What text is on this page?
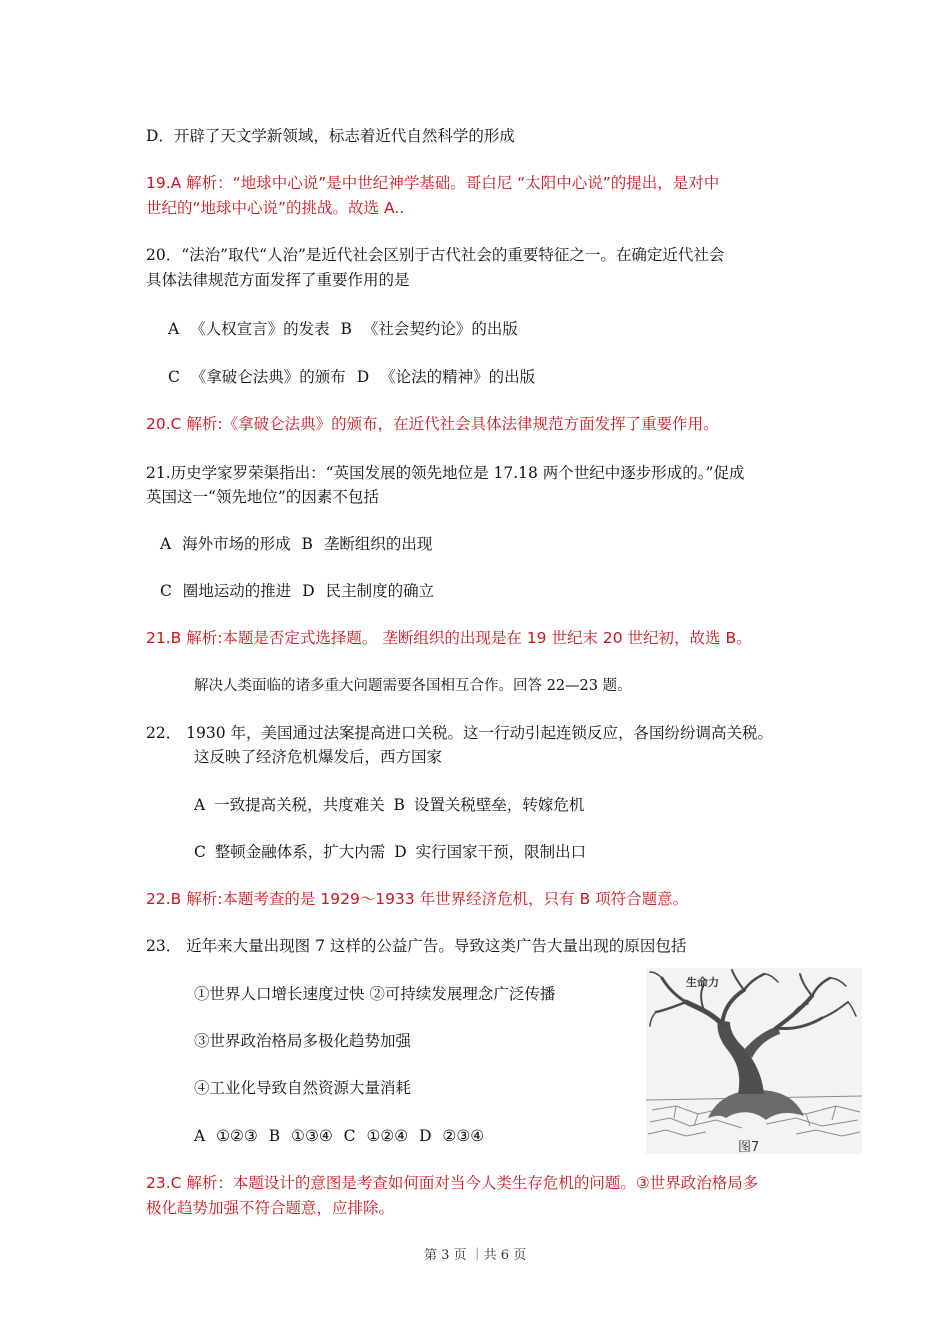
D．开辟了天文学新领域，标志着近代自然科学的形成
19.A 解析：“地球中心说”是中世纪神学基础。哥白尼 “太阳中心说”的提出，是对中
世纪的“地球中心说”的挑战。故选 A..
20．“法治”取代“人治”是近代社会区别于古代社会的重要特征之一。在确定近代社会
具体法律规范方面发挥了重要作用的是
A 《人权宣言》的发表 B 《社会契约论》的出版
C 《拿破仑法典》的颁布 D 《论法的精神》的出版
20.C 解析:《拿破仑法典》的颁布，在近代社会具体法律规范方面发挥了重要作用。
21.历史学家罗荣渠指出：“英国发展的领先地位是 17.18 两个世纪中逐步形成的。”促成
英国这一“领先地位”的因素不包括
A 海外市场的形成 B 垄断组织的出现
C 圈地运动的推进 D 民主制度的确立
21.B 解析:本题是否定式选择题。 垄断组织的出现是在 19 世纪末 20 世纪初，故选 B。
解决人类面临的诸多重大问题需要各国相互合作。回答 22—23 题。
22． 1930 年，美国通过法案提高进口关税。这一行动引起连锁反应，各国纷纷调高关税。
这反映了经济危机爆发后，西方国家
A 一致提高关税，共度难关 B 设置关税壁垒，转嫁危机
C 整顿金融体系，扩大内需 D 实行国家干预，限制出口
22.B 解析:本题考查的是 1929～1933 年世界经济危机，只有 B 项符合题意。
23． 近年来大量出现图 7 这样的公益广告。导致这类广告大量出现的原因包括
①世界人口增长速度过快 ②可持续发展理念广泛传播
③世界政治格局多极化趋势加强
④工业化导致自然资源大量消耗
A ①②③ B ①③④ C ①②④ D ②③④
23.C 解析：本题设计的意图是考查如何面对当今人类生存危机的问题。③世界政治格局多
极化趋势加强不符合题意，应排除。
生命力
图7
第 3 页 ｜共 6 页
